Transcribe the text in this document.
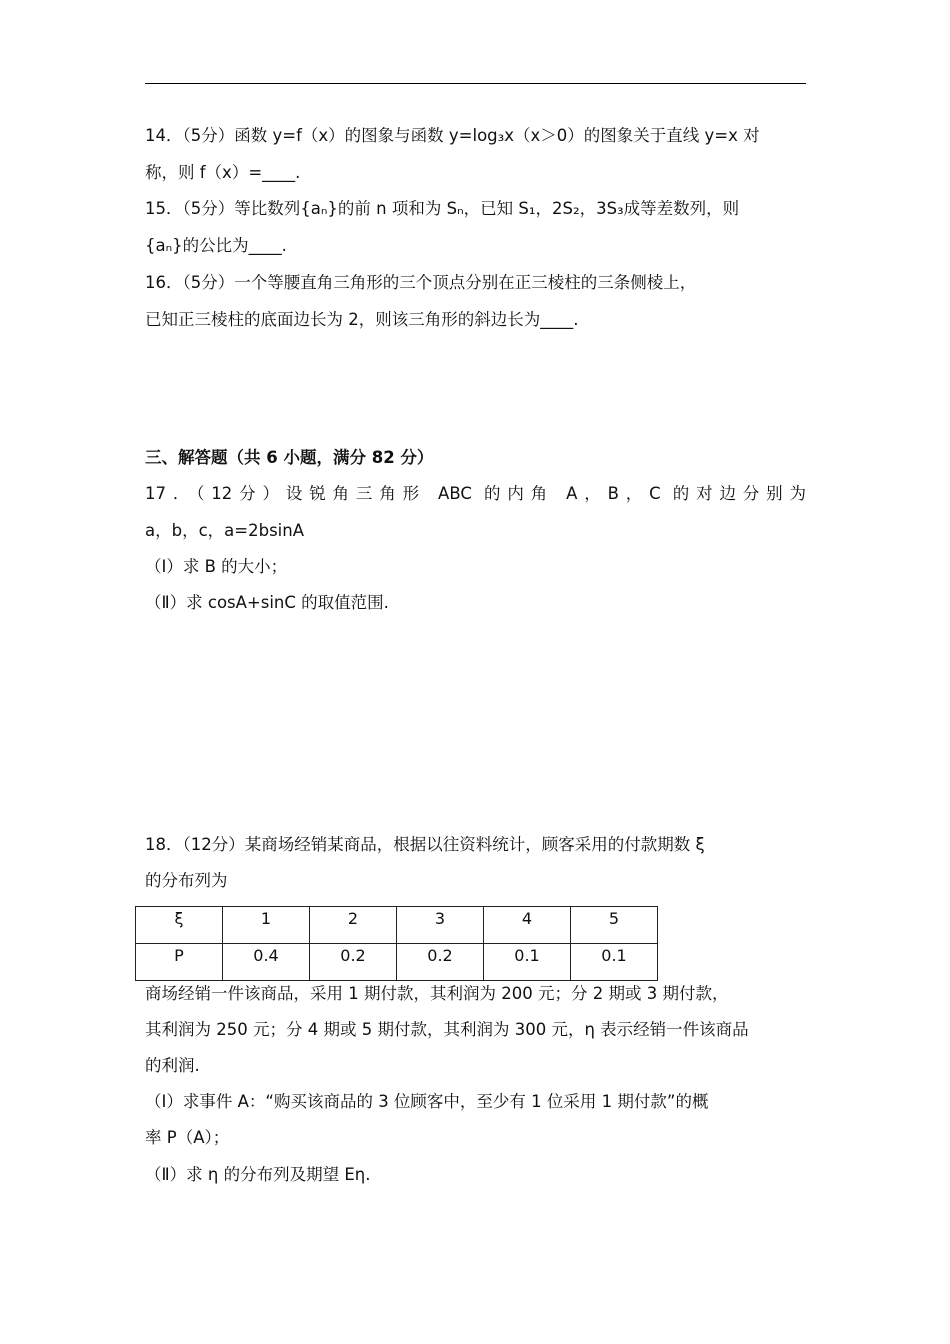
14．（5分）函数 y=f（x）的图象与函数 y=log₃x（x＞0）的图象关于直线 y=x 对
称，则 f（x）=____.
15．（5分）等比数列{aₙ}的前 n 项和为 Sₙ，已知 S₁，2S₂，3S₃成等差数列，则
{aₙ}的公比为____.
16．（5分）一个等腰直角三角形的三个顶点分别在正三棱柱的三条侧棱上，
已知正三棱柱的底面边长为 2，则该三角形的斜边长为____.
三、解答题（共 6 小题，满分 82 分）
17．（12分）设锐角三角形 ABC 的内角 A，B，C 的对边分别为
a，b，c，a=2bsinA
（Ⅰ）求 B 的大小；
（Ⅱ）求 cosA+sinC 的取值范围.
18．（12分）某商场经销某商品，根据以往资料统计，顾客采用的付款期数 ξ
的分布列为
ξ	1	2	3	4	5
P	0.4	0.2	0.2	0.1	0.1
商场经销一件该商品，采用 1 期付款，其利润为 200 元；分 2 期或 3 期付款，
其利润为 250 元；分 4 期或 5 期付款，其利润为 300 元，η 表示经销一件该商品
的利润.
（Ⅰ）求事件 A：“购买该商品的 3 位顾客中，至少有 1 位采用 1 期付款”的概
率 P（A）；
（Ⅱ）求 η 的分布列及期望 Eη.
